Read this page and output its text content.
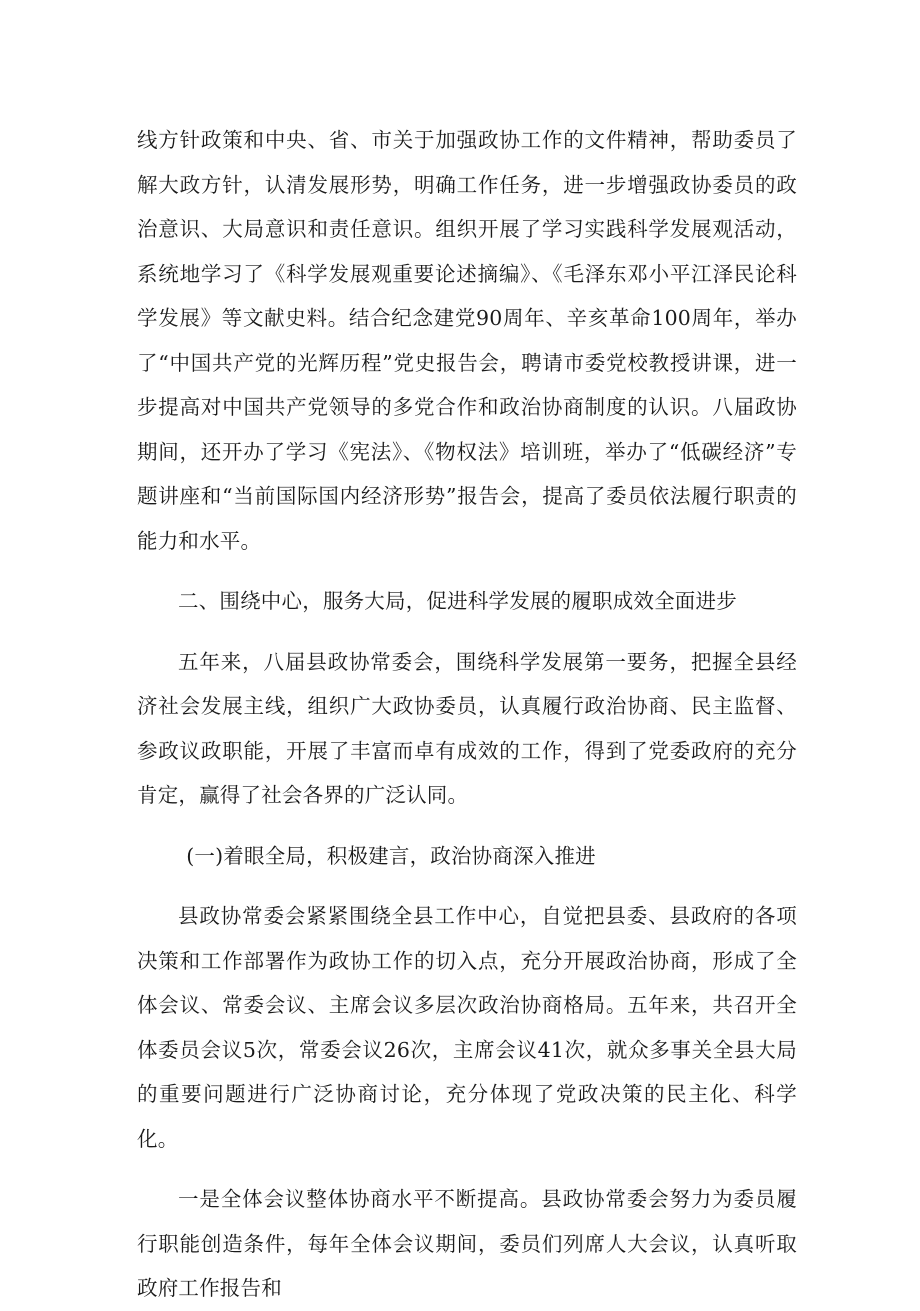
线方针政策和中央、省、市关于加强政协工作的文件精神，帮助委员了解大政方针，认清发展形势，明确工作任务，进一步增强政协委员的政治意识、大局意识和责任意识。组织开展了学习实践科学发展观活动，系统地学习了《科学发展观重要论述摘编》、《毛泽东邓小平江泽民论科学发展》等文献史料。结合纪念建党90周年、辛亥革命100周年，举办了“中国共产党的光辉历程”党史报告会，聘请市委党校教授讲课，进一步提高对中国共产党领导的多党合作和政治协商制度的认识。八届政协期间，还开办了学习《宪法》、《物权法》培训班，举办了“低碳经济”专题讲座和“当前国际国内经济形势”报告会，提高了委员依法履行职责的能力和水平。

二、围绕中心，服务大局，促进科学发展的履职成效全面进步

五年来，八届县政协常委会，围绕科学发展第一要务，把握全县经济社会发展主线，组织广大政协委员，认真履行政治协商、民主监督、参政议政职能，开展了丰富而卓有成效的工作，得到了党委政府的充分肯定，赢得了社会各界的广泛认同。

(一)着眼全局，积极建言，政治协商深入推进

县政协常委会紧紧围绕全县工作中心，自觉把县委、县政府的各项决策和工作部署作为政协工作的切入点，充分开展政治协商，形成了全体会议、常委会议、主席会议多层次政治协商格局。五年来，共召开全体委员会议5次，常委会议26次，主席会议41次，就众多事关全县大局的重要问题进行广泛协商讨论，充分体现了党政决策的民主化、科学化。

一是全体会议整体协商水平不断提高。县政协常委会努力为委员履行职能创造条件，每年全体会议期间，委员们列席人大会议，认真听取政府工作报告和
